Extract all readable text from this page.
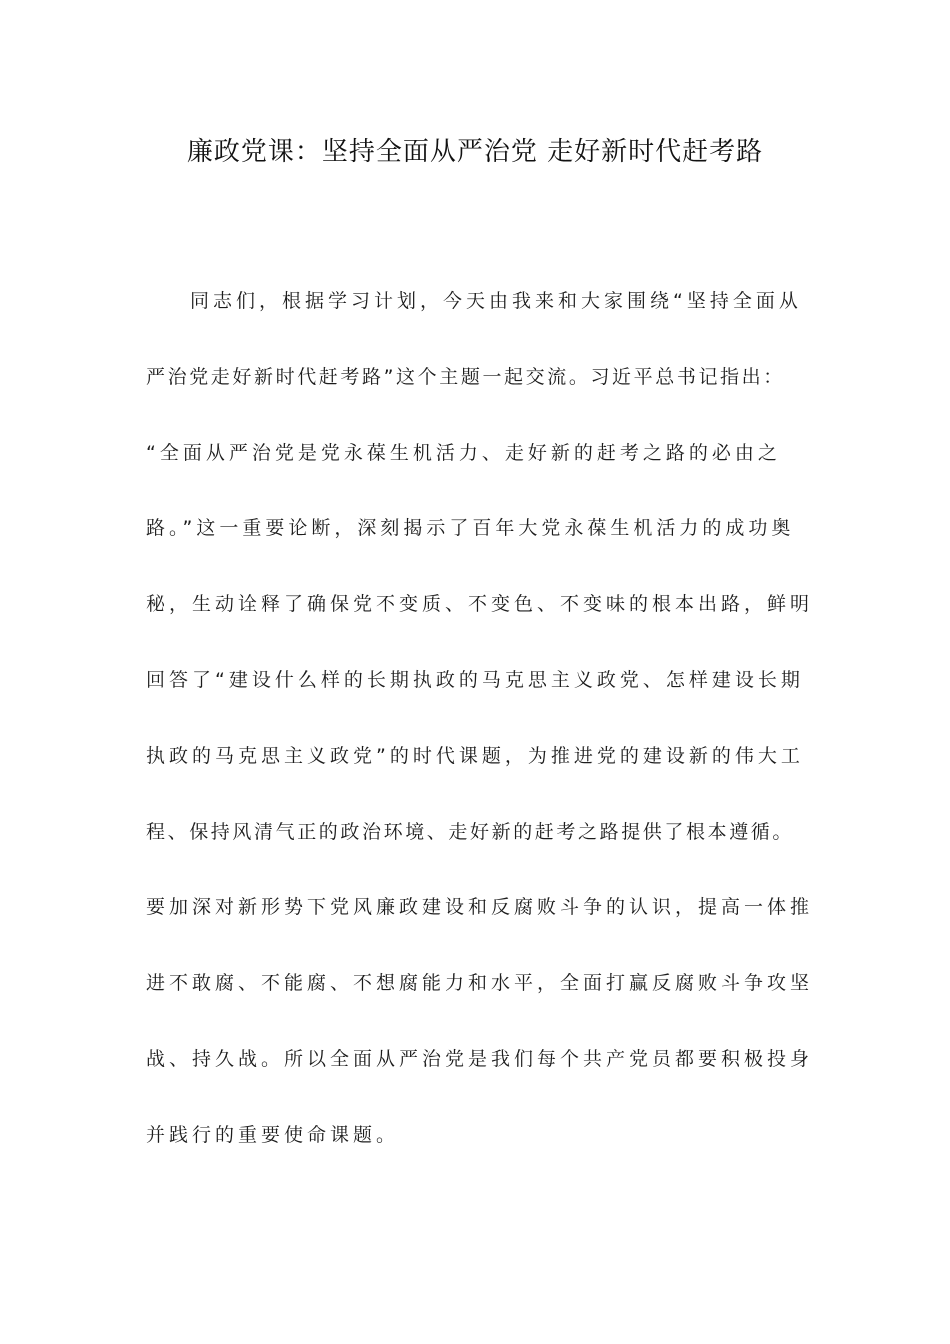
廉政党课：坚持全面从严治党 走好新时代赶考路
同志们，根据学习计划，今天由我来和大家围绕“坚持全面从
严治党走好新时代赶考路”这个主题一起交流。习近平总书记指出：
“全面从严治党是党永葆生机活力、走好新的赶考之路的必由之
路。”这一重要论断，深刻揭示了百年大党永葆生机活力的成功奥
秘，生动诠释了确保党不变质、不变色、不变味的根本出路，鲜明
回答了“建设什么样的长期执政的马克思主义政党、怎样建设长期
执政的马克思主义政党”的时代课题，为推进党的建设新的伟大工
程、保持风清气正的政治环境、走好新的赶考之路提供了根本遵循。
要加深对新形势下党风廉政建设和反腐败斗争的认识，提高一体推
进不敢腐、不能腐、不想腐能力和水平，全面打赢反腐败斗争攻坚
战、持久战。所以全面从严治党是我们每个共产党员都要积极投身
并践行的重要使命课题。
